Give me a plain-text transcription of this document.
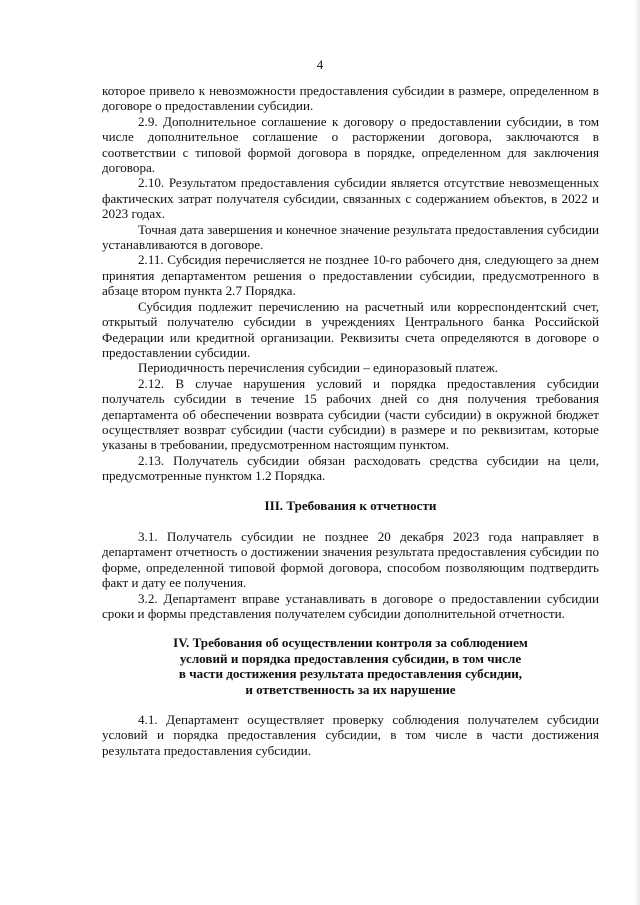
4

которое привело к невозможности предоставления субсидии в размере, определенном в договоре о предоставлении субсидии.

2.9. Дополнительное соглашение к договору о предоставлении субсидии, в том числе дополнительное соглашение о расторжении договора, заключаются в соответствии с типовой формой договора в порядке, определенном для заключения договора.

2.10. Результатом предоставления субсидии является отсутствие невозмещенных фактических затрат получателя субсидии, связанных с содержанием объектов, в 2022 и 2023 годах.

Точная дата завершения и конечное значение результата предоставления субсидии устанавливаются в договоре.

2.11. Субсидия перечисляется не позднее 10-го рабочего дня, следующего за днем принятия департаментом решения о предоставлении субсидии, предусмотренного в абзаце втором пункта 2.7 Порядка.

Субсидия подлежит перечислению на расчетный или корреспондентский счет, открытый получателю субсидии в учреждениях Центрального банка Российской Федерации или кредитной организации. Реквизиты счета определяются в договоре о предоставлении субсидии.

Периодичность перечисления субсидии – единоразовый платеж.

2.12. В случае нарушения условий и порядка предоставления субсидии получатель субсидии в течение 15 рабочих дней со дня получения требования департамента об обеспечении возврата субсидии (части субсидии) в окружной бюджет осуществляет возврат субсидии (части субсидии) в размере и по реквизитам, которые указаны в требовании, предусмотренном настоящим пунктом.

2.13. Получатель субсидии обязан расходовать средства субсидии на цели, предусмотренные пунктом 1.2 Порядка.

III. Требования к отчетности

3.1. Получатель субсидии не позднее 20 декабря 2023 года направляет в департамент отчетность о достижении значения результата предоставления субсидии по форме, определенной типовой формой договора, способом позволяющим подтвердить факт и дату ее получения.

3.2. Департамент вправе устанавливать в договоре о предоставлении субсидии сроки и формы представления получателем субсидии дополнительной отчетности.

IV. Требования об осуществлении контроля за соблюдением
условий и порядка предоставления субсидии, в том числе
в части достижения результата предоставления субсидии,
и ответственность за их нарушение

4.1. Департамент осуществляет проверку соблюдения получателем субсидии условий и порядка предоставления субсидии, в том числе в части достижения результата предоставления субсидии.
